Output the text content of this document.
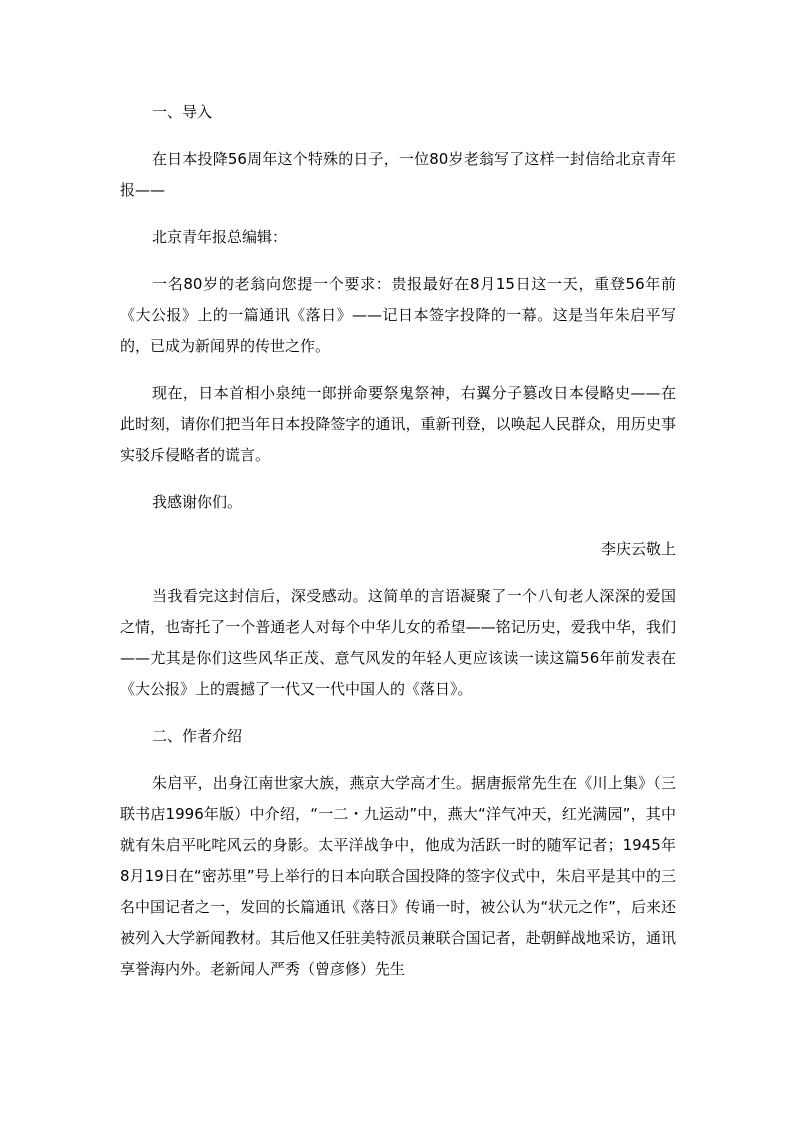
一、导入

在日本投降56周年这个特殊的日子，一位80岁老翁写了这样一封信给北京青年报——

北京青年报总编辑：

一名80岁的老翁向您提一个要求：贵报最好在8月15日这一天，重登56年前《大公报》上的一篇通讯《落日》——记日本签字投降的一幕。这是当年朱启平写的，已成为新闻界的传世之作。

现在，日本首相小泉纯一郎拼命要祭鬼祭神，右翼分子篡改日本侵略史——在此时刻，请你们把当年日本投降签字的通讯，重新刊登，以唤起人民群众，用历史事实驳斥侵略者的谎言。

我感谢你们。

李庆云敬上

当我看完这封信后，深受感动。这简单的言语凝聚了一个八旬老人深深的爱国之情，也寄托了一个普通老人对每个中华儿女的希望——铭记历史，爱我中华，我们——尤其是你们这些风华正茂、意气风发的年轻人更应该读一读这篇56年前发表在《大公报》上的震撼了一代又一代中国人的《落日》。

二、作者介绍

朱启平，出身江南世家大族，燕京大学高才生。据唐振常先生在《川上集》（三联书店1996年版）中介绍，“一二・九运动”中，燕大“洋气冲天，红光满园”，其中就有朱启平叱咤风云的身影。太平洋战争中，他成为活跃一时的随军记者；1945年8月19日在“密苏里”号上举行的日本向联合国投降的签字仪式中，朱启平是其中的三名中国记者之一，发回的长篇通讯《落日》传诵一时，被公认为“状元之作”，后来还被列入大学新闻教材。其后他又任驻美特派员兼联合国记者，赴朝鲜战地采访，通讯享誉海内外。老新闻人严秀（曾彦修）先生
